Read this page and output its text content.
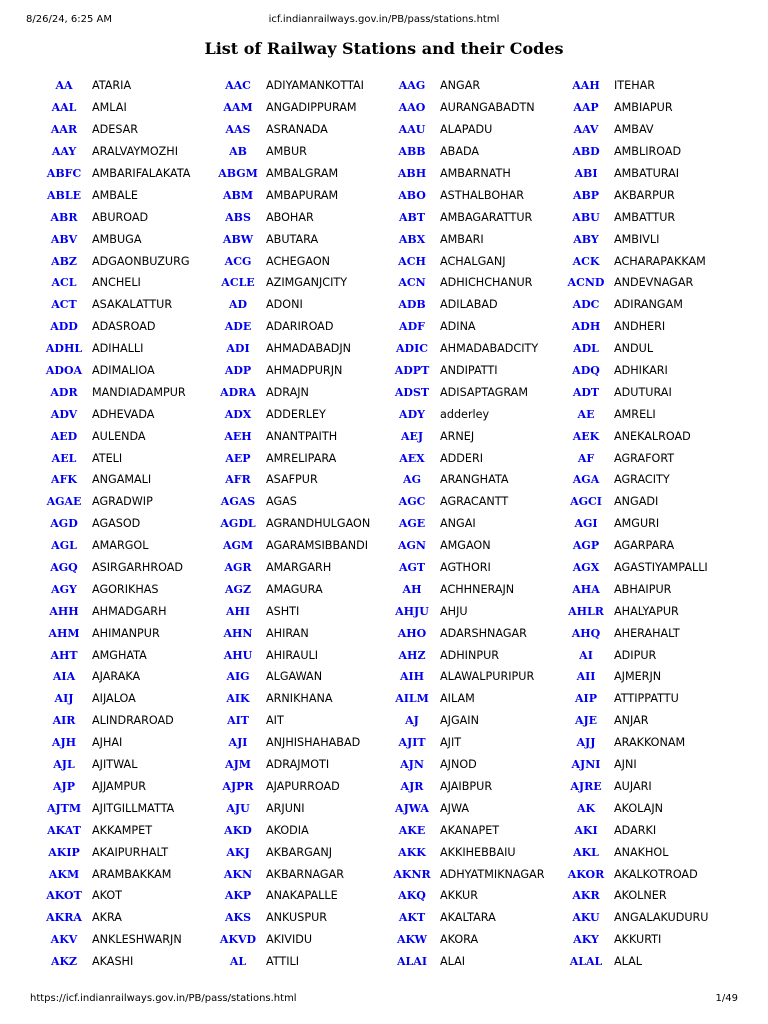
8/26/24, 6:25 AM	icf.indianrailways.gov.in/PB/pass/stations.html
List of Railway Stations and their Codes
AA	ATARIA	AAC	ADIYAMANKOTTAI	AAG	ANGAR	AAH	ITEHAR
AAL	AMLAI	AAM	ANGADIPPURAM	AAO	AURANGABADTN	AAP	AMBIAPUR
AAR	ADESAR	AAS	ASRANADA	AAU	ALAPADU	AAV	AMBAV
AAY	ARALVAYMOZHI	AB	AMBUR	ABB	ABADA	ABD	AMBLIROAD
ABFC	AMBARIFALAKATA	ABGM	AMBALGRAM	ABH	AMBARNATH	ABI	AMBATURAI
ABLE	AMBALE	ABM	AMBAPURAM	ABO	ASTHALBOHAR	ABP	AKBARPUR
ABR	ABUROAD	ABS	ABOHAR	ABT	AMBAGARATTUR	ABU	AMBATTUR
ABV	AMBUGA	ABW	ABUTARA	ABX	AMBARI	ABY	AMBIVLI
ABZ	ADGAONBUZURG	ACG	ACHEGAON	ACH	ACHALGANJ	ACK	ACHARAPAKKAM
ACL	ANCHELI	ACLE	AZIMGANJCITY	ACN	ADHICHCHANUR	ACND	ANDEVNAGAR
ACT	ASAKALATTUR	AD	ADONI	ADB	ADILABAD	ADC	ADIRANGAM
ADD	ADASROAD	ADE	ADARIROAD	ADF	ADINA	ADH	ANDHERI
ADHL	ADIHALLI	ADI	AHMADABADJN	ADIC	AHMADABADCITY	ADL	ANDUL
ADOA	ADIMALIOA	ADP	AHMADPURJN	ADPT	ANDIPATTI	ADQ	ADHIKARI
ADR	MANDIADAMPUR	ADRA	ADRAJN	ADST	ADISAPTAGRAM	ADT	ADUTURAI
ADV	ADHEVADA	ADX	ADDERLEY	ADY	adderley	AE	AMRELI
AED	AULENDA	AEH	ANANTPAITH	AEJ	ARNEJ	AEK	ANEKALROAD
AEL	ATELI	AEP	AMRELIPARA	AEX	ADDERI	AF	AGRAFORT
AFK	ANGAMALI	AFR	ASAFPUR	AG	ARANGHATA	AGA	AGRACITY
AGAE	AGRADWIP	AGAS	AGAS	AGC	AGRACANTT	AGCI	ANGADI
AGD	AGASOD	AGDL	AGRANDHULGAON	AGE	ANGAI	AGI	AMGURI
AGL	AMARGOL	AGM	AGARAMSIBBANDI	AGN	AMGAON	AGP	AGARPARA
AGQ	ASIRGARHROAD	AGR	AMARGARH	AGT	AGTHORI	AGX	AGASTIYAMPALLI
AGY	AGORIKHAS	AGZ	AMAGURA	AH	ACHHNERAJN	AHA	ABHAIPUR
AHH	AHMADGARH	AHI	ASHTI	AHJU	AHJU	AHLR	AHALYAPUR
AHM	AHIMANPUR	AHN	AHIRAN	AHO	ADARSHNAGAR	AHQ	AHERAHALT
AHT	AMGHATA	AHU	AHIRAULI	AHZ	ADHINPUR	AI	ADIPUR
AIA	AJARAKA	AIG	ALGAWAN	AIH	ALAWALPURIPUR	AII	AJMERJN
AIJ	AIJALOA	AIK	ARNIKHANA	AILM	AILAM	AIP	ATTIPPATTU
AIR	ALINDRAROAD	AIT	AIT	AJ	AJGAIN	AJE	ANJAR
AJH	AJHAI	AJI	ANJHISHAHABAD	AJIT	AJIT	AJJ	ARAKKONAM
AJL	AJITWAL	AJM	ADRAJMOTI	AJN	AJNOD	AJNI	AJNI
AJP	AJJAMPUR	AJPR	AJAPURROAD	AJR	AJAIBPUR	AJRE	AUJARI
AJTM	AJITGILLMATTA	AJU	ARJUNI	AJWA	AJWA	AK	AKOLAJN
AKAT	AKKAMPET	AKD	AKODIA	AKE	AKANAPET	AKI	ADARKI
AKIP	AKAIPURHALT	AKJ	AKBARGANJ	AKK	AKKIHEBBAIU	AKL	ANAKHOL
AKM	ARAMBAKKAM	AKN	AKBARNAGAR	AKNR	ADHYATMIKNAGAR	AKOR	AKALKOTROAD
AKOT	AKOT	AKP	ANAKAPALLE	AKQ	AKKUR	AKR	AKOLNER
AKRA	AKRA	AKS	ANKUSPUR	AKT	AKALTARA	AKU	ANGALAKUDURU
AKV	ANKLESHWARJN	AKVD	AKIVIDU	AKW	AKORA	AKY	AKKURTI
AKZ	AKASHI	AL	ATTILI	ALAI	ALAI	ALAL	ALAL
https://icf.indianrailways.gov.in/PB/pass/stations.html	1/49
